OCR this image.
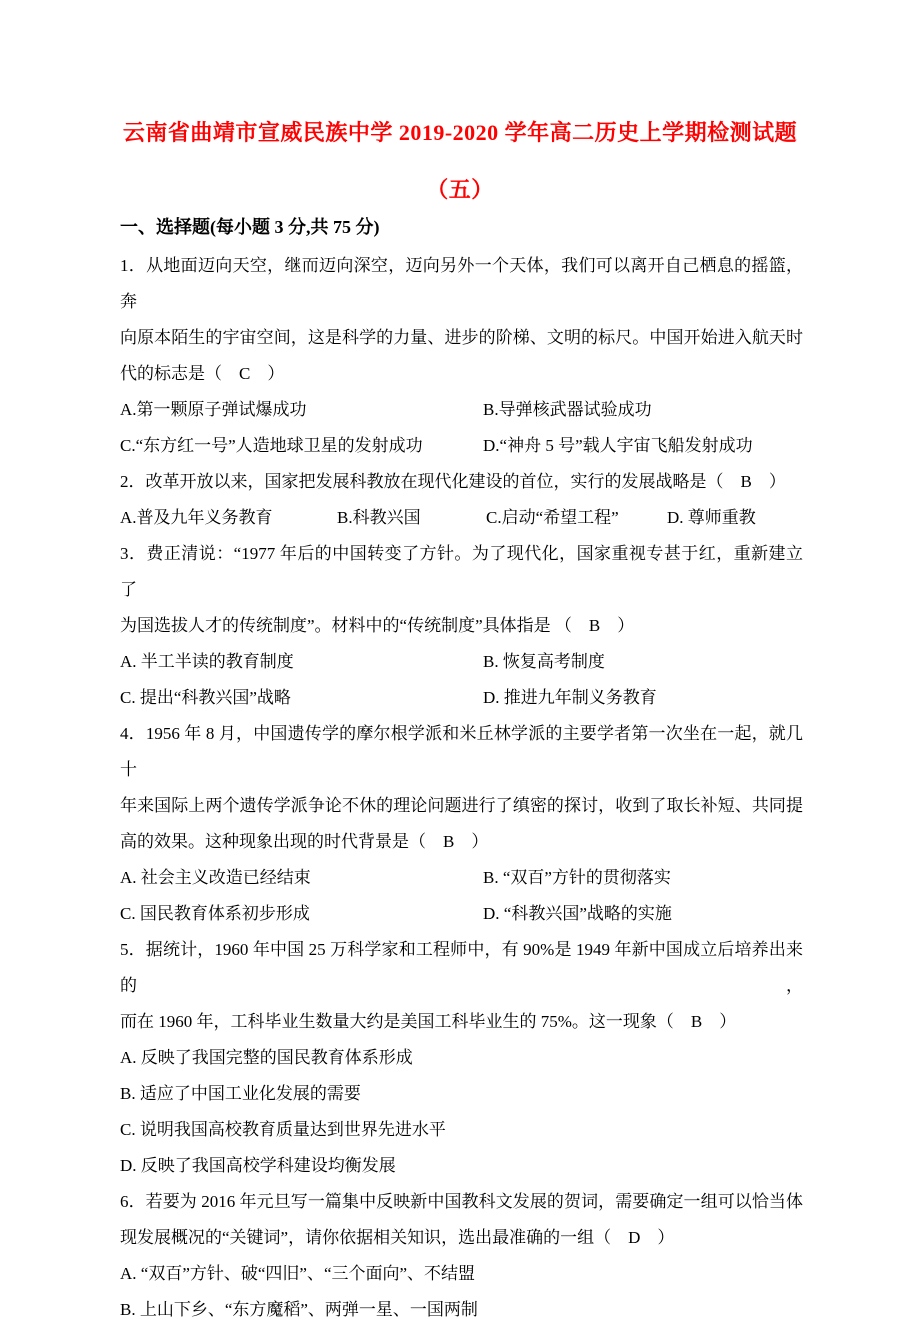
云南省曲靖市宣威民族中学 2019-2020 学年高二历史上学期检测试题
（五）
一、选择题(每小题 3 分,共 75 分)
1．从地面迈向天空，继而迈向深空，迈向另外一个天体，我们可以离开自己栖息的摇篮，奔
向原本陌生的宇宙空间，这是科学的力量、进步的阶梯、文明的标尺。中国开始进入航天时
代的标志是（　C　）
A.第一颗原子弹试爆成功	B.导弹核武器试验成功
C.“东方红一号”人造地球卫星的发射成功	D.“神舟 5 号”载人宇宙飞船发射成功
2．改革开放以来，国家把发展科教放在现代化建设的首位，实行的发展战略是（　B　）
A.普及九年义务教育	B.科教兴国	C.启动“希望工程”	D. 尊师重教
3．费正清说：“1977 年后的中国转变了方针。为了现代化，国家重视专甚于红，重新建立了
为国选拔人才的传统制度”。材料中的“传统制度”具体指是 （　B　）
A. 半工半读的教育制度	B. 恢复高考制度
C. 提出“科教兴国”战略	D. 推进九年制义务教育
4．1956 年 8 月，中国遗传学的摩尔根学派和米丘林学派的主要学者第一次坐在一起，就几十
年来国际上两个遗传学派争论不休的理论问题进行了缜密的探讨，收到了取长补短、共同提
高的效果。这种现象出现的时代背景是（　B　）
A. 社会主义改造已经结束	B. “双百”方针的贯彻落实
C. 国民教育体系初步形成	D. “科教兴国”战略的实施
5．据统计，1960 年中国 25 万科学家和工程师中，有 90%是 1949 年新中国成立后培养出来的，
而在 1960 年，工科毕业生数量大约是美国工科毕业生的 75%。这一现象（　B　）
A. 反映了我国完整的国民教育体系形成
B. 适应了中国工业化发展的需要
C. 说明我国高校教育质量达到世界先进水平
D. 反映了我国高校学科建设均衡发展
6．若要为 2016 年元旦写一篇集中反映新中国教科文发展的贺词，需要确定一组可以恰当体
现发展概况的“关键词”，请你依据相关知识，选出最准确的一组（　D　）
A. “双百”方针、破“四旧”、“三个面向”、不结盟
B. 上山下乡、“东方魔稻”、两弹一星、一国两制
